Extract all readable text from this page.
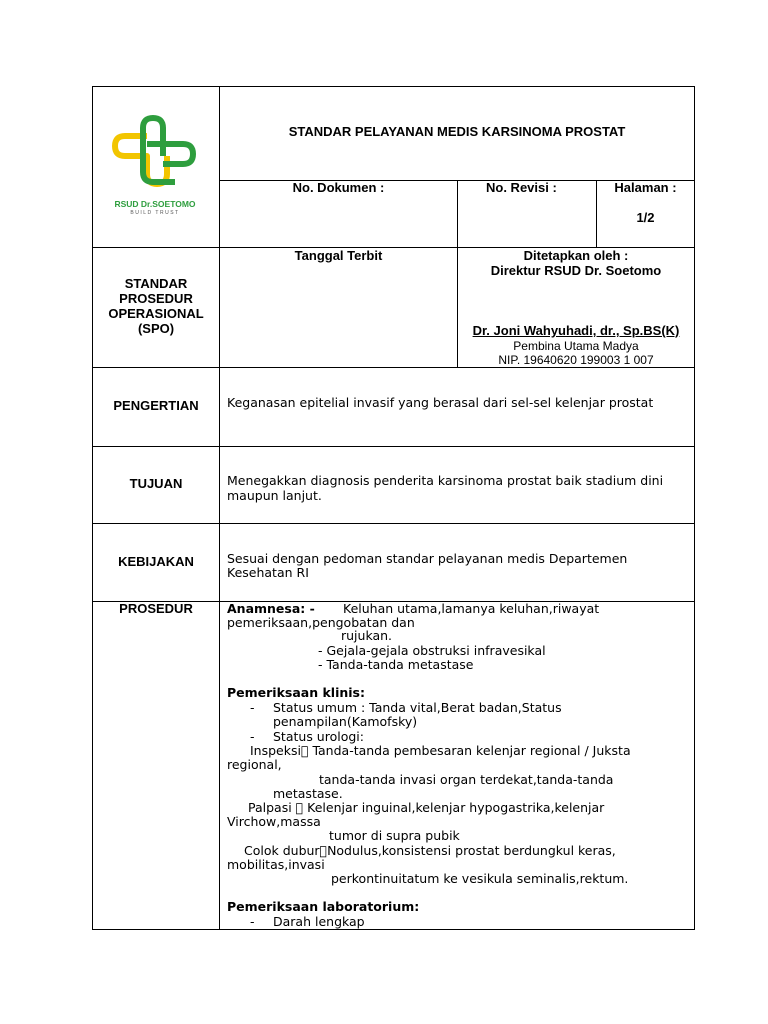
RSUD Dr.SOETOMO
BUILD TRUST
STANDAR PELAYANAN MEDIS KARSINOMA PROSTAT
No. Dokumen :	No. Revisi :	Halaman :
1/2
STANDAR
PROSEDUR
OPERASIONAL
(SPO)
Tanggal Terbit	Ditetapkan oleh :
Direktur RSUD Dr. Soetomo
Dr. Joni Wahyuhadi, dr., Sp.BS(K)
Pembina Utama Madya
NIP. 19640620 199003 1 007
PENGERTIAN	Keganasan epitelial invasif yang berasal dari sel-sel kelenjar prostat
TUJUAN	Menegakkan diagnosis penderita karsinoma prostat baik stadium dini
maupun lanjut.
KEBIJAKAN	Sesuai dengan pedoman standar pelayanan medis Departemen
Kesehatan RI
PROSEDUR	Anamnesa: - Keluhan utama,lamanya keluhan,riwayat
pemeriksaan,pengobatan dan
rujukan.
- Gejala-gejala obstruksi infravesikal
- Tanda-tanda metastase
Pemeriksaan klinis:
- Status umum : Tanda vital,Berat badan,Status
penampilan(Kamofsky)
- Status urologi:
Inspeksi Tanda-tanda pembesaran kelenjar regional / Juksta
regional,
tanda-tanda invasi organ terdekat,tanda-tanda
metastase.
Palpasi Kelenjar inguinal,kelenjar hypogastrika,kelenjar
Virchow,massa
tumor di supra pubik
Colok dubur Nodulus,konsistensi prostat berdungkul keras,
mobilitas,invasi
perkontinuitatum ke vesikula seminalis,rektum.
Pemeriksaan laboratorium:
- Darah lengkap
